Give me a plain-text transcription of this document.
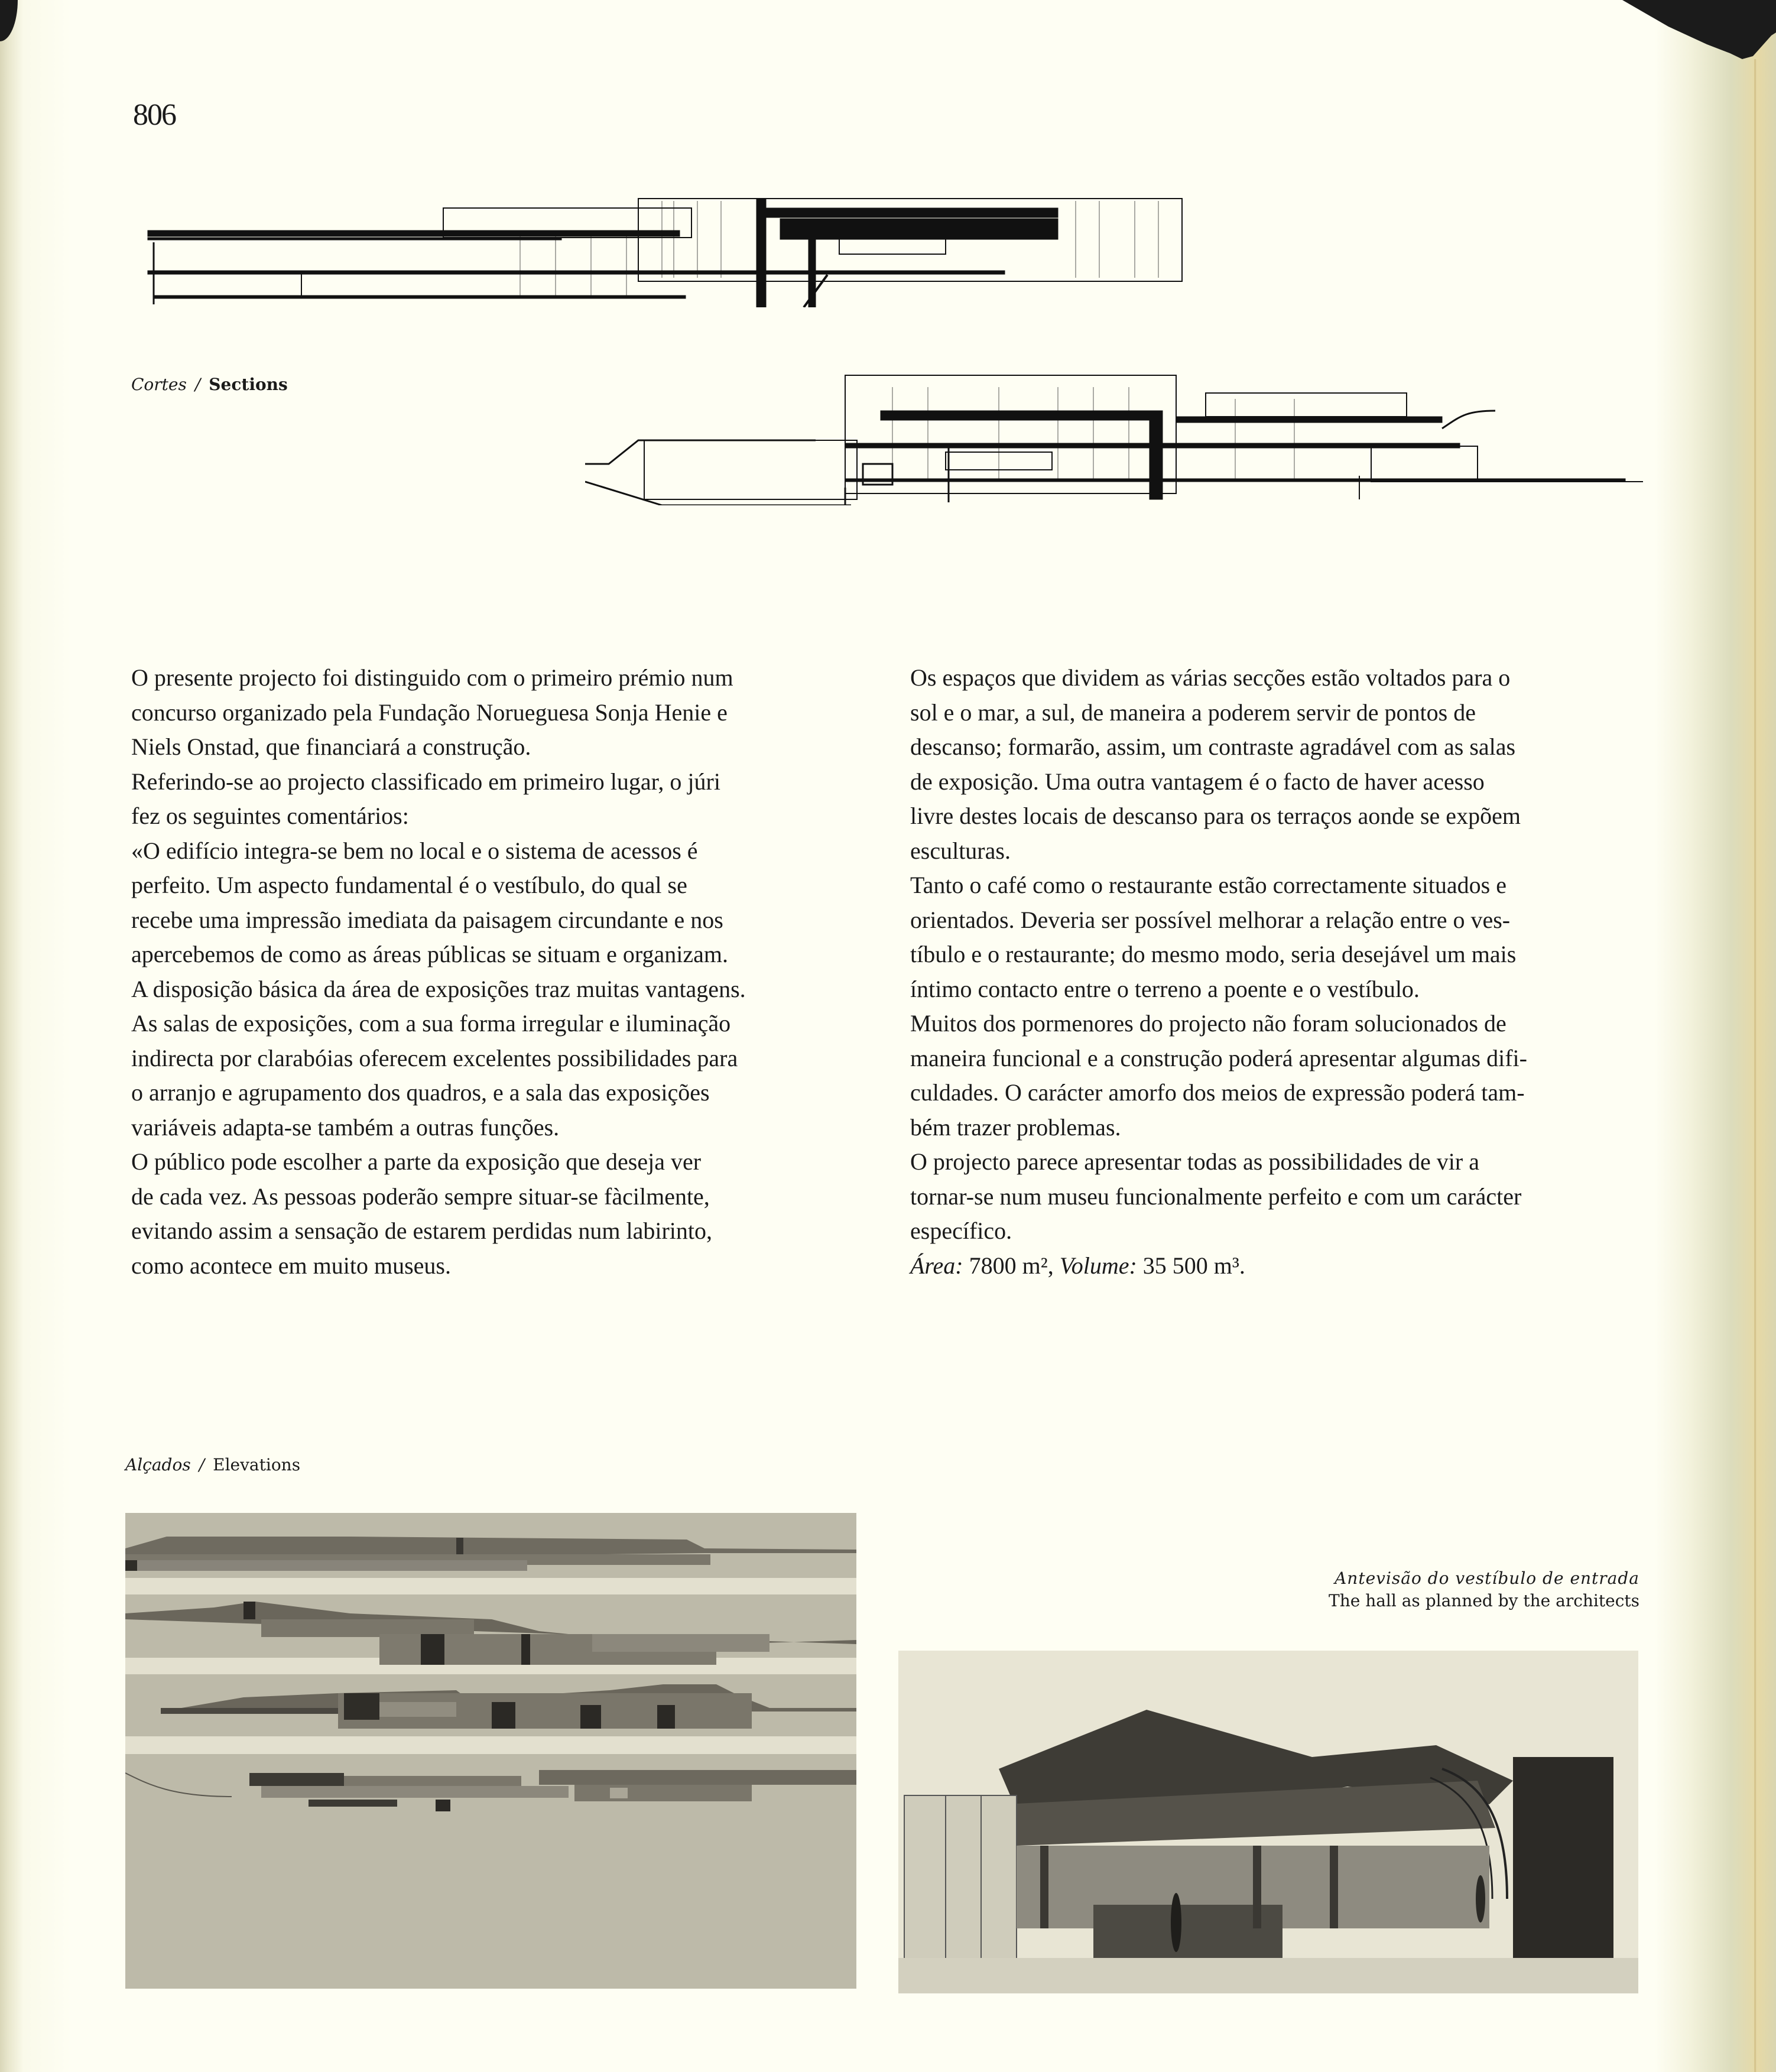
806
Cortes / Sections
O presente projecto foi distinguido com o primeiro prémio num
concurso organizado pela Fundação Norueguesa Sonja Henie e
Niels Onstad, que financiará a construção.
Referindo-se ao projecto classificado em primeiro lugar, o júri
fez os seguintes comentários:
«O edifício integra-se bem no local e o sistema de acessos é
perfeito. Um aspecto fundamental é o vestíbulo, do qual se
recebe uma impressão imediata da paisagem circundante e nos
apercebemos de como as áreas públicas se situam e organizam.
A disposição básica da área de exposições traz muitas vantagens.
As salas de exposições, com a sua forma irregular e iluminação
indirecta por clarabóias oferecem excelentes possibilidades para
o arranjo e agrupamento dos quadros, e a sala das exposições
variáveis adapta-se também a outras funções.
O público pode escolher a parte da exposição que deseja ver
de cada vez. As pessoas poderão sempre situar-se fàcilmente,
evitando assim a sensação de estarem perdidas num labirinto,
como acontece em muito museus.
Os espaços que dividem as várias secções estão voltados para o
sol e o mar, a sul, de maneira a poderem servir de pontos de
descanso; formarão, assim, um contraste agradável com as salas
de exposição. Uma outra vantagem é o facto de haver acesso
livre destes locais de descanso para os terraços aonde se expõem
esculturas.
Tanto o café como o restaurante estão correctamente situados e
orientados. Deveria ser possível melhorar a relação entre o ves-
tíbulo e o restaurante; do mesmo modo, seria desejável um mais
íntimo contacto entre o terreno a poente e o vestíbulo.
Muitos dos pormenores do projecto não foram solucionados de
maneira funcional e a construção poderá apresentar algumas difi-
culdades. O carácter amorfo dos meios de expressão poderá tam-
bém trazer problemas.
O projecto parece apresentar todas as possibilidades de vir a
tornar-se num museu funcionalmente perfeito e com um carácter
específico.
Área: 7800 m², Volume: 35 500 m³.
Alçados / Elevations
Antevisão do vestíbulo de entrada
The hall as planned by the architects
